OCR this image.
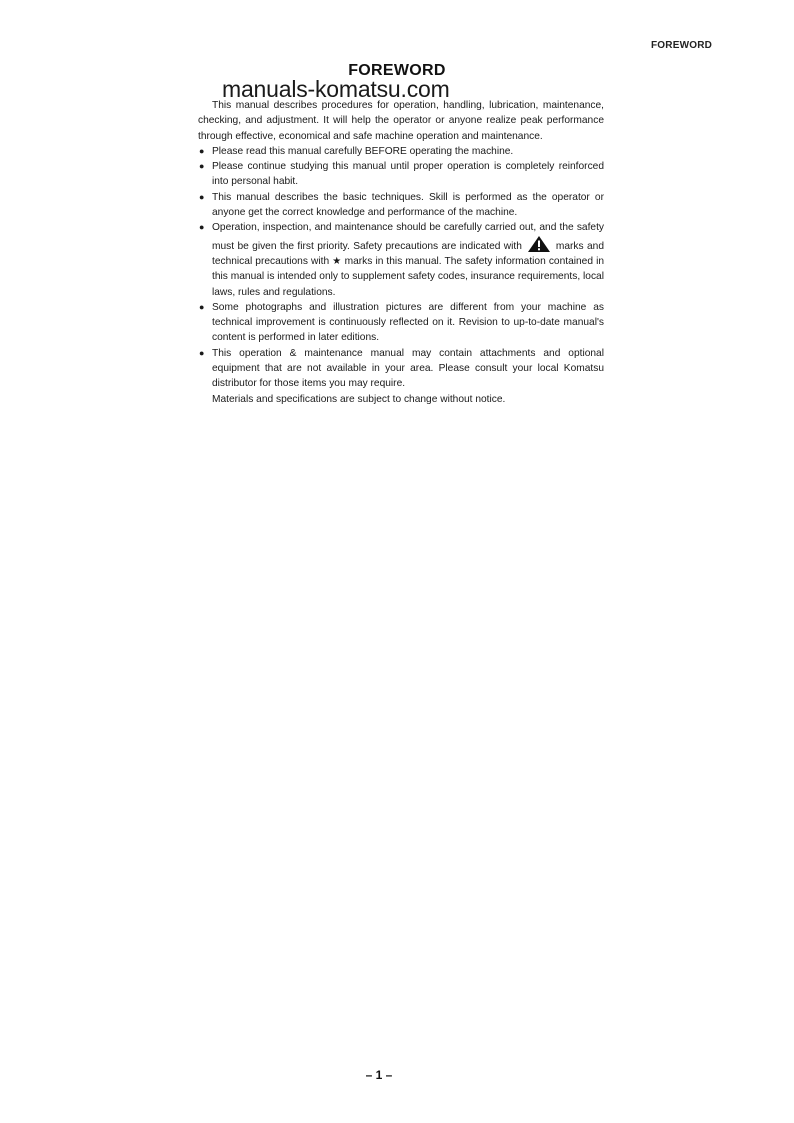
FOREWORD
FOREWORD

This manual describes procedures for operation, handling, lubrication, maintenance, checking, and adjustment. It will help the operator or anyone realize peak performance through effective, economical and safe machine operation and maintenance.

● Please read this manual carefully BEFORE operating the machine.
● Please continue studying this manual until proper operation is completely reinforced into personal habit.
● This manual describes the basic techniques. Skill is performed as the operator or anyone get the correct knowledge and performance of the machine.
● Operation, inspection, and maintenance should be carefully carried out, and the safety must be given the first priority. Safety precautions are indicated with	marks and technical precautions with ★ marks in this manual. The safety information contained in this manual is intended only to supplement safety codes, insurance requirements, local laws, rules and regulations.
● Some photographs and illustration pictures are different from your machine as technical improvement is continuously reflected on it. Revision to up-to-date manual's content is performed in later editions.
● This operation & maintenance manual may contain attachments and optional equipment that are not available in your area. Please consult your local Komatsu distributor for those items you may require.

Materials and specifications are subject to change without notice.

manuals-komatsu.com
– 1 –
